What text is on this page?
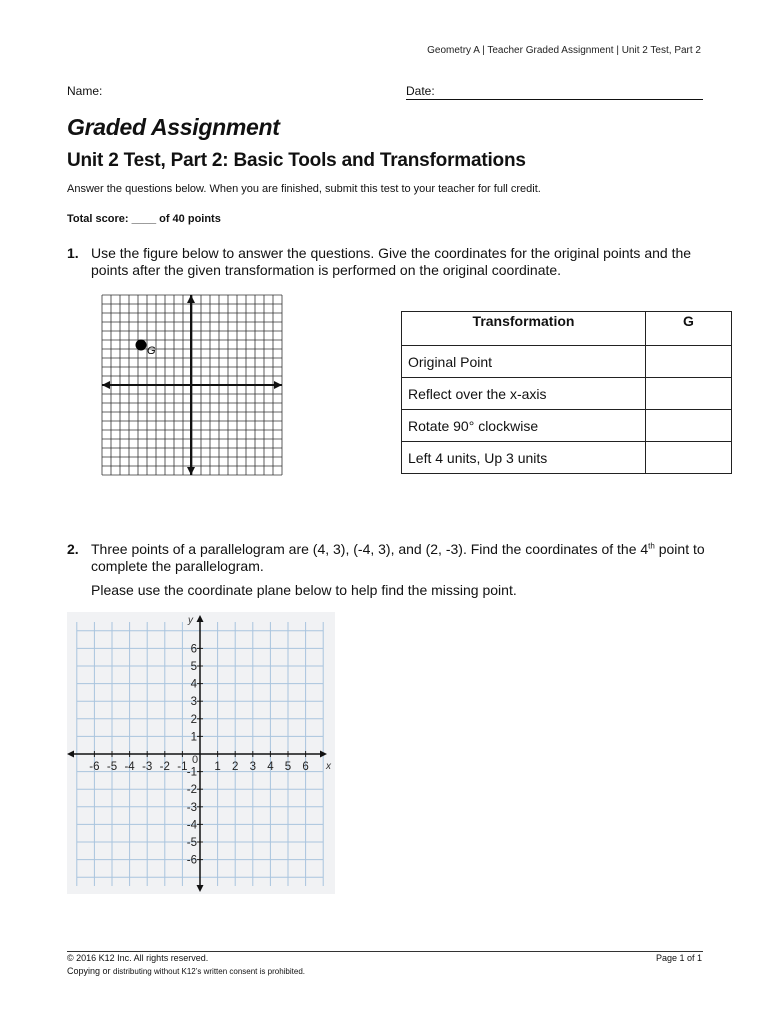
Geometry A | Teacher Graded Assignment | Unit 2 Test, Part 2
Name:	Date:
Graded Assignment
Unit 2 Test, Part 2: Basic Tools and Transformations
Answer the questions below. When you are finished, submit this test to your teacher for full credit.
Total score: ____ of 40 points
1. Use the figure below to answer the questions. Give the coordinates for the original points and the points after the given transformation is performed on the original coordinate.
G
Transformation	G
Original Point	
Reflect over the x-axis	
Rotate 90° clockwise	
Left 4 units, Up 3 units	
2. Three points of a parallelogram are (4, 3), (-4, 3), and (2, -3). Find the coordinates of the 4th point to complete the parallelogram.
Please use the coordinate plane below to help find the missing point.
x
y
0
-6 -5 -4 -3 -2 -1 1 2 3 4 5 6
6
5
4
3
2
1
-1
-2
-3
-4
-5
-6
© 2016 K12 Inc. All rights reserved.	Page 1 of 1
Copying or distributing without K12’s written consent is prohibited.
